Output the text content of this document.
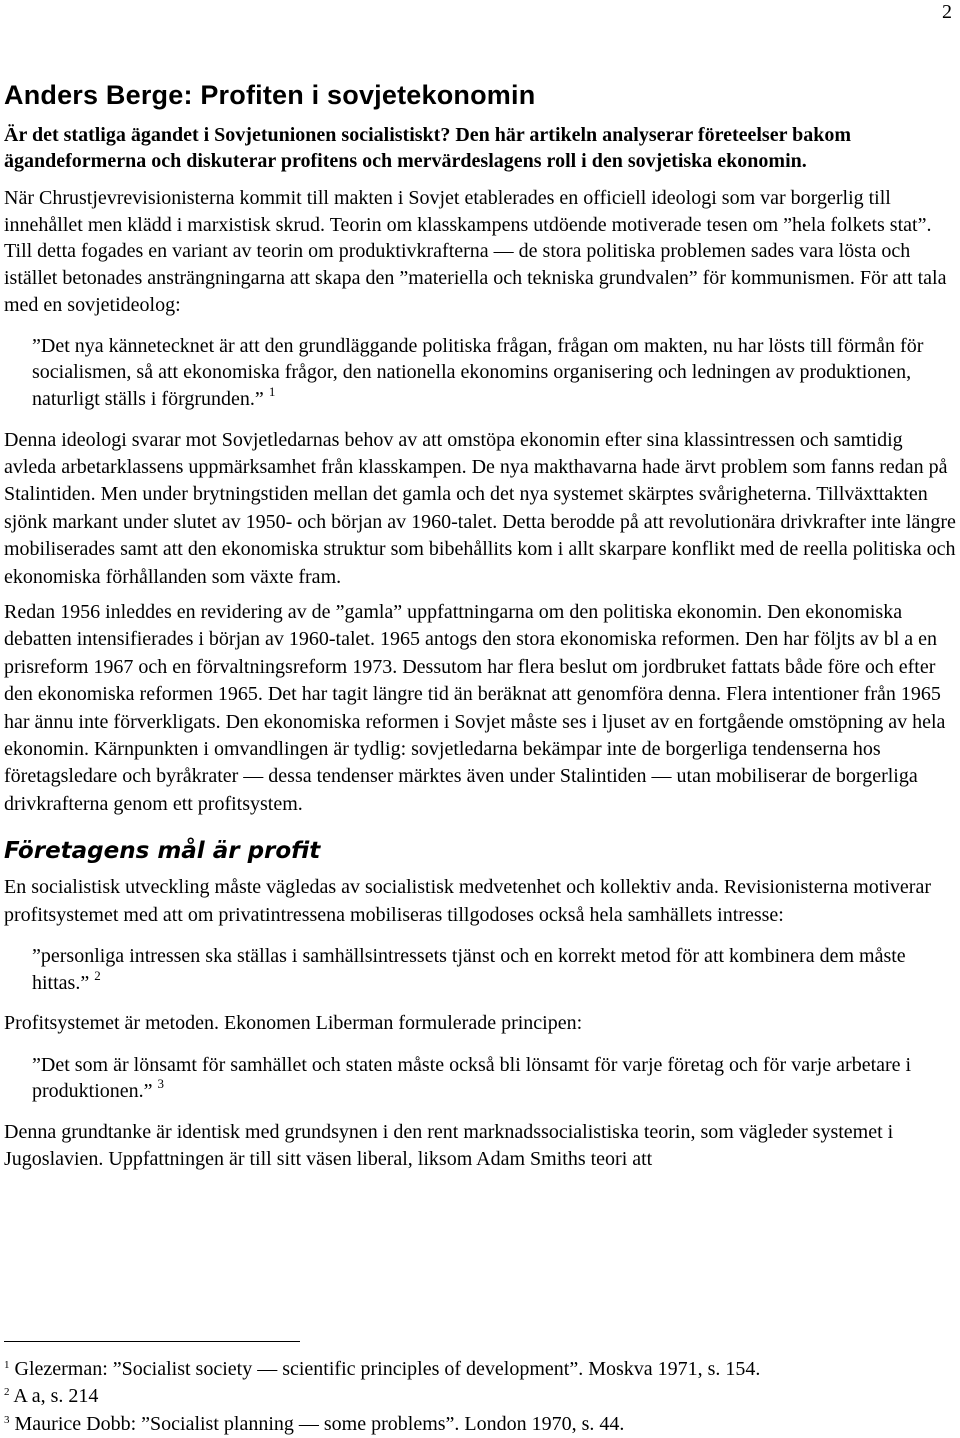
2
Anders Berge: Profiten i sovjetekonomin

Är det statliga ägandet i Sovjetunionen socialistiskt? Den här artikeln analyserar företeelser bakom ägandeformerna och diskuterar profitens och mervärdeslagens roll i den sovjetiska ekonomin.

När Chrustjevrevisionisterna kommit till makten i Sovjet etablerades en officiell ideologi som var borgerlig till innehållet men klädd i marxistisk skrud. Teorin om klasskampens utdöende motiverade tesen om ”hela folkets stat”. Till detta fogades en variant av teorin om produktivkrafterna — de stora politiska problemen sades vara lösta och istället betonades ansträngningarna att skapa den ”materiella och tekniska grundvalen” för kommunismen. För att tala med en sovjetideolog:

”Det nya kännetecknet är att den grundläggande politiska frågan, frågan om makten, nu har lösts till förmån för socialismen, så att ekonomiska frågor, den nationella ekonomins organisering och ledningen av produktionen, naturligt ställs i förgrunden.” $^1$

Denna ideologi svarar mot Sovjetledarnas behov av att omstöpa ekonomin efter sina klassintressen och samtidig avleda arbetarklassens uppmärksamhet från klasskampen. De nya makthavarna hade ärvt problem som fanns redan på Stalintiden. Men under brytningstiden mellan det gamla och det nya systemet skärptes svårigheterna. Tillväxttakten sjönk markant under slutet av 1950- och början av 1960-talet. Detta berodde på att revolutionära drivkrafter inte längre mobiliserades samt att den ekonomiska struktur som bibehållits kom i allt skarpare konflikt med de reella politiska och ekonomiska förhållanden som växte fram.

Redan 1956 inleddes en revidering av de ”gamla” uppfattningarna om den politiska ekonomin. Den ekonomiska debatten intensifierades i början av 1960-talet. 1965 antogs den stora ekonomiska reformen. Den har följts av bl a en prisreform 1967 och en förvaltningsreform 1973. Dessutom har flera beslut om jordbruket fattats både före och efter den ekonomiska reformen 1965. Det har tagit längre tid än beräknat att genomföra denna. Flera intentioner från 1965 har ännu inte förverkligats. Den ekonomiska reformen i Sovjet måste ses i ljuset av en fortgående omstöpning av hela ekonomin. Kärnpunkten i omvandlingen är tydlig: sovjetledarna bekämpar inte de borgerliga tendenserna hos företagsledare och byråkrater — dessa tendenser märktes även under Stalintiden — utan mobiliserar de borgerliga drivkrafterna genom ett profitsystem.

Företagens mål är profit

En socialistisk utveckling måste vägledas av socialistisk medvetenhet och kollektiv anda. Revisionisterna motiverar profitsystemet med att om privatintressena mobiliseras tillgodoses också hela samhällets intresse:

”personliga intressen ska ställas i samhällsintressets tjänst och en korrekt metod för att kombinera dem måste hittas.” $^2$

Profitsystemet är metoden. Ekonomen Liberman formulerade principen:

”Det som är lönsamt för samhället och staten måste också bli lönsamt för varje företag och för varje arbetare i produktionen.” $^3$

Denna grundtanke är identisk med grundsynen i den rent marknadssocialistiska teorin, som vägleder systemet i Jugoslavien. Uppfattningen är till sitt väsen liberal, liksom Adam Smiths teori att

$^1$ Glezerman: ”Socialist society — scientific principles of development”. Moskva 1971, s. 154.

$^2$ A a, s. 214

$^3$ Maurice Dobb: ”Socialist planning — some problems”. London 1970, s. 44.
